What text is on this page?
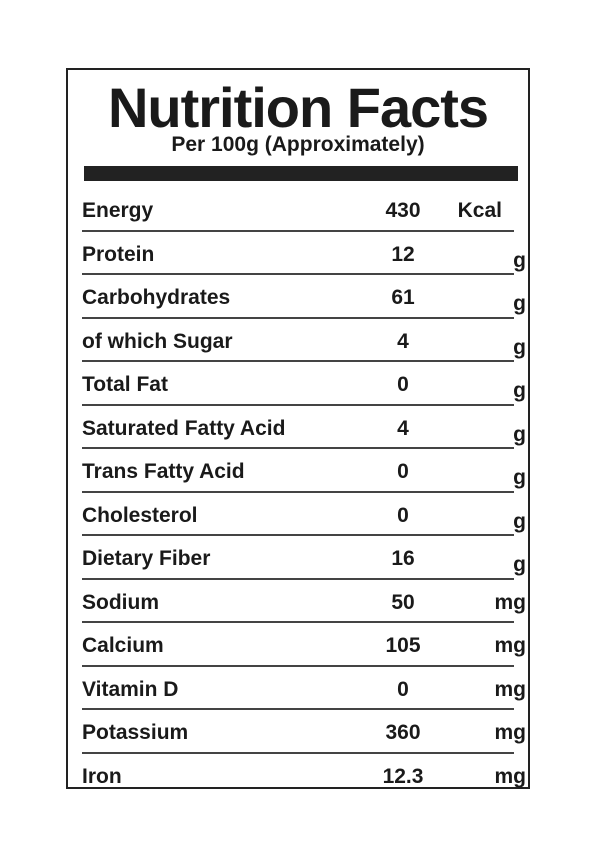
Nutrition Facts
Per 100g (Approximately)
Energy	430	Kcal
Protein	12	g
Carbohydrates	61	g
of which Sugar	4	g
Total Fat	0	g
Saturated Fatty Acid	4	g
Trans Fatty Acid	0	g
Cholesterol	0	g
Dietary Fiber	16	g
Sodium	50	mg
Calcium	105	mg
Vitamin D	0	mg
Potassium	360	mg
Iron	12.3	mg
